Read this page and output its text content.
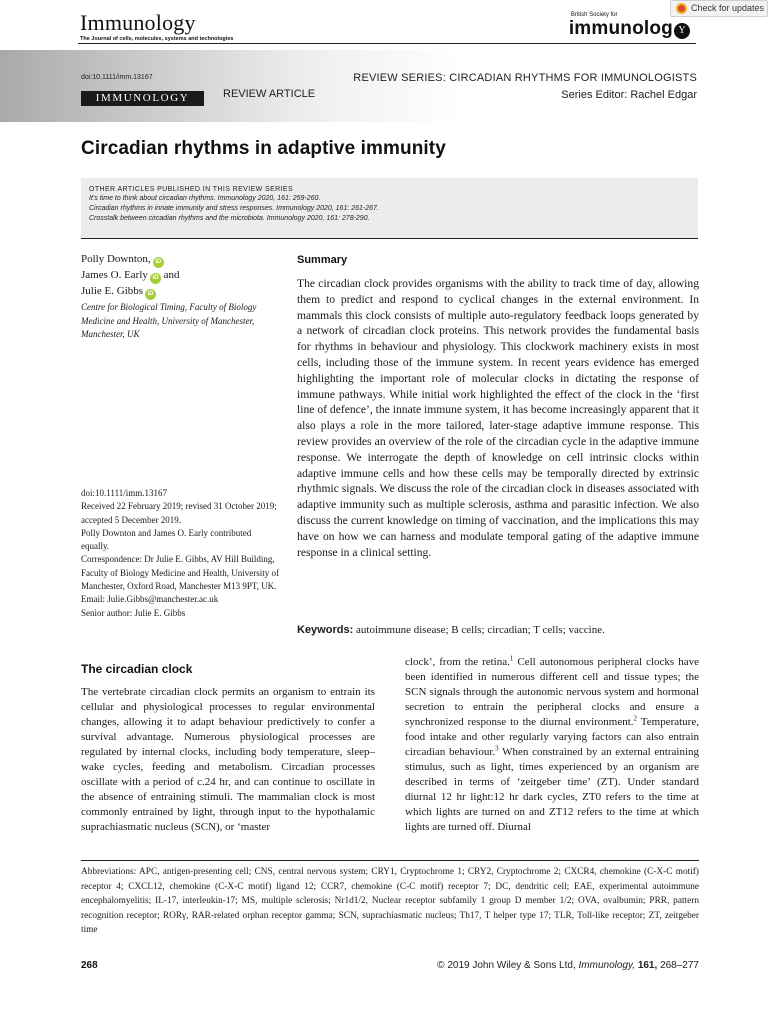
Immunology
The Journal of cells, molecules, systems and technologies
British Society for
immunolog Y
Check for updates
doi:10.1111/imm.13167
IMMUNOLOGY	REVIEW ARTICLE
REVIEW SERIES: CIRCADIAN RHYTHMS FOR IMMUNOLOGISTS
Series Editor: Rachel Edgar
Circadian rhythms in adaptive immunity
OTHER ARTICLES PUBLISHED IN THIS REVIEW SERIES
It’s time to think about circadian rhythms. Immunology 2020, 161: 259-260.
Circadian rhythms in innate immunity and stress responses. Immunology 2020, 161: 261-267.
Crosstalk between circadian rhythms and the microbiota. Immunology 2020, 161: 278-290.
Polly Downton, iD
James O. Early iD and
Julie E. Gibbs iD
Centre for Biological Timing, Faculty of Biology Medicine and Health, University of Manchester, Manchester, UK
doi:10.1111/imm.13167
Received 22 February 2019; revised 31 October 2019; accepted 5 December 2019.
Polly Downton and James O. Early contributed equally.
Correspondence: Dr Julie E. Gibbs, AV Hill Building, Faculty of Biology Medicine and Health, University of Manchester, Oxford Road, Manchester M13 9PT, UK.
Email: Julie.Gibbs@manchester.ac.uk
Senior author: Julie E. Gibbs
Summary

The circadian clock provides organisms with the ability to track time of day, allowing them to predict and respond to cyclical changes in the external environment. In mammals this clock consists of multiple auto-regulatory feedback loops generated by a network of circadian clock proteins. This network provides the fundamental basis for rhythms in behaviour and physiology. This clockwork machinery exists in most cells, including those of the immune system. In recent years evidence has emerged highlighting the important role of molecular clocks in dictating the response of immune pathways. While initial work highlighted the effect of the clock in the ‘first line of defence’, the innate immune system, it has become increasingly apparent that it also plays a role in the more tailored, later-stage adaptive immune response. This review provides an overview of the role of the circadian cycle in the adaptive immune response. We interrogate the depth of knowledge on cell intrinsic clocks within adaptive immune cells and how these cells may be temporally directed by extrinsic rhythmic signals. We discuss the role of the circadian clock in diseases associated with adaptive immunity such as multiple sclerosis, asthma and parasitic infection. We also discuss the current knowledge on timing of vaccination, and the implications this may have on how we can harness and modulate temporal gating of the adaptive immune response in a clinical setting.

Keywords: autoimmune disease; B cells; circadian; T cells; vaccine.
The circadian clock

The vertebrate circadian clock permits an organism to entrain its cellular and physiological processes to regular environmental changes, allowing it to adapt behaviour predictively to confer a survival advantage. Numerous physiological processes are regulated by internal clocks, including body temperature, sleep–wake cycles, feeding and metabolism. Circadian processes oscillate with a period of c.24 hr, and can continue to oscillate in the absence of entraining stimuli. The mammalian clock is most commonly entrained by light, through input to the hypothalamic suprachiasmatic nucleus (SCN), or ‘master

clock’, from the retina.$^1$ Cell autonomous peripheral clocks have been identified in numerous different cell and tissue types; the SCN signals through the autonomic nervous system and hormonal secretion to entrain the peripheral clocks and ensure a synchronized response to the diurnal environment.$^2$ Temperature, food intake and other regularly varying factors can also entrain circadian behaviour.$^3$ When constrained by an external entraining stimulus, such as light, times experienced by an organism are described in terms of ‘zeitgeber time’ (ZT). Under standard diurnal 12 hr light:12 hr dark cycles, ZT0 refers to the time at which lights are turned on and ZT12 refers to the time at which lights are turned off. Diurnal

Abbreviations: APC, antigen-presenting cell; CNS, central nervous system; CRY1, Cryptochrome 1; CRY2, Cryptochrome 2; CXCR4, chemokine (C-X-C motif) receptor 4; CXCL12, chemokine (C-X-C motif) ligand 12; CCR7, chemokine (C-C motif) receptor 7; DC, dendritic cell; EAE, experimental autoimmune encephalomyelitis; IL-17, interleukin-17; MS, multiple sclerosis; Nr1d1/2, Nuclear receptor subfamily 1 group D member 1/2; OVA, ovalbumin; PRR, pattern recognition receptor; RORγ, RAR-related orphan receptor gamma; SCN, suprachiasmatic nucleus; Th17, T helper type 17; TLR, Toll-like receptor; ZT, zeitgeber time

268	© 2019 John Wiley & Sons Ltd, Immunology, 161, 268–277
